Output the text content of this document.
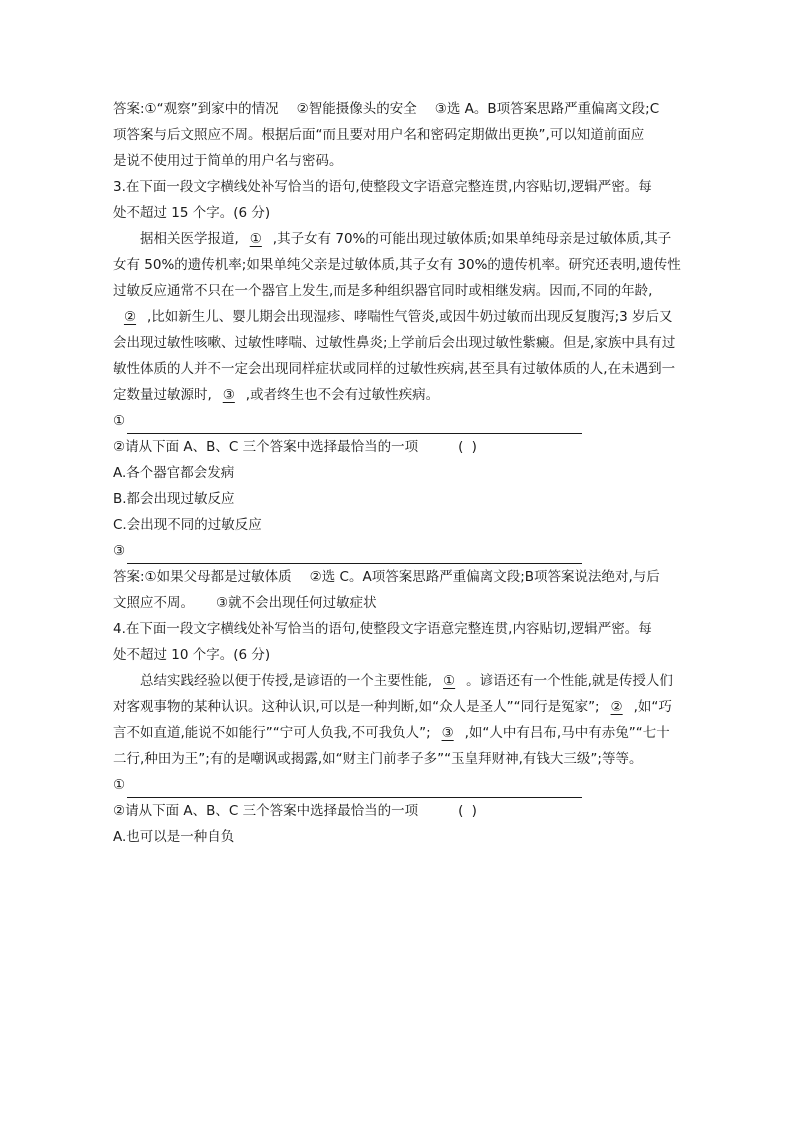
答案:①“观察”到家中的情况 ②智能摄像头的安全 ③选 A。B项答案思路严重偏离文段;C

项答案与后文照应不周。根据后面“而且要对用户名和密码定期做出更换”,可以知道前面应

是说不使用过于简单的用户名与密码。

3.在下面一段文字横线处补写恰当的语句,使整段文字语意完整连贯,内容贴切,逻辑严密。每

处不超过 15 个字。(6 分)

据相关医学报道, ① ,其子女有 70%的可能出现过敏体质;如果单纯母亲是过敏体质,其子女有 50%的遗传机率;如果单纯父亲是过敏体质,其子女有 30%的遗传机率。研究还表明,遗传性过敏反应通常不只在一个器官上发生,而是多种组织器官同时或相继发病。因而,不同的年龄,② ,比如新生儿、婴儿期会出现湿疹、哮喘性气管炎,或因牛奶过敏而出现反复腹泻;3 岁后又会出现过敏性咳嗽、过敏性哮喘、过敏性鼻炎;上学前后会出现过敏性紫癜。但是,家族中具有过敏性体质的人并不一定会出现同样症状或同样的过敏性疾病,甚至具有过敏体质的人,在未遇到一定数量过敏源时, ③ ,或者终生也不会有过敏性疾病。

①

②请从下面 A、B、C 三个答案中选择最恰当的一项	( )

A.各个器官都会发病

B.都会出现过敏反应

C.会出现不同的过敏反应

③

答案:①如果父母都是过敏体质 ②选 C。A项答案思路严重偏离文段;B项答案说法绝对,与后

文照应不周。 ③就不会出现任何过敏症状

4.在下面一段文字横线处补写恰当的语句,使整段文字语意完整连贯,内容贴切,逻辑严密。每

处不超过 10 个字。(6 分)

总结实践经验以便于传授,是谚语的一个主要性能, ① 。谚语还有一个性能,就是传授人们对客观事物的某种认识。这种认识,可以是一种判断,如“众人是圣人”“同行是冤家”; ② ,如“巧言不如直道,能说不如能行”“宁可人负我,不可我负人”; ③ ,如“人中有吕布,马中有赤兔”“七十二行,种田为王”;有的是嘲讽或揭露,如“财主门前孝子多”“玉皇拜财神,有钱大三级”;等等。

①

②请从下面 A、B、C 三个答案中选择最恰当的一项	( )

A.也可以是一种自负
